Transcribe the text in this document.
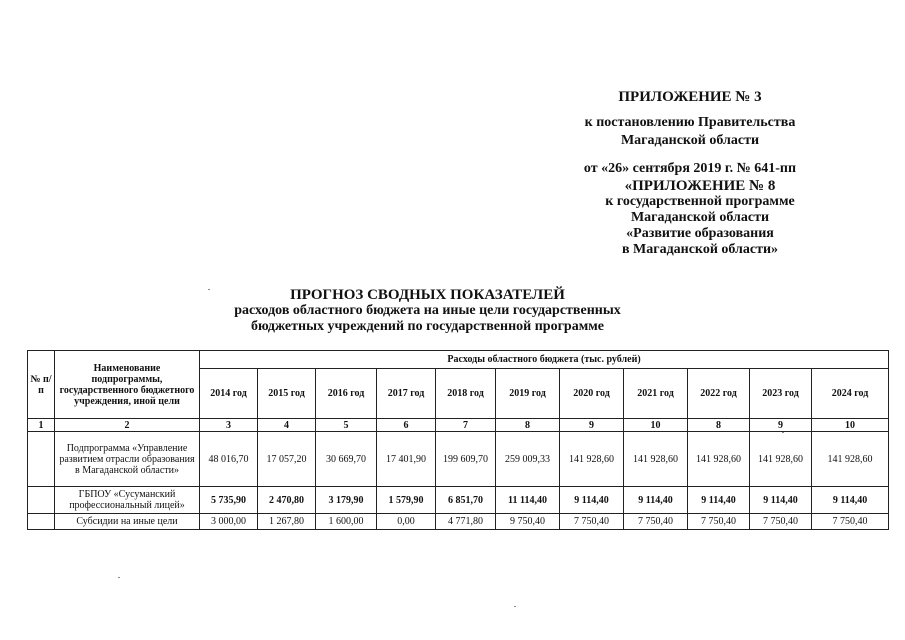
ПРИЛОЖЕНИЕ № 3
к постановлению Правительства
Магаданской области
от «26» сентября 2019 г. № 641-пп
«ПРИЛОЖЕНИЕ № 8
к государственной программе
Магаданской области
«Развитие образования
в Магаданской области»
ПРОГНОЗ СВОДНЫХ ПОКАЗАТЕЛЕЙ
расходов областного бюджета на иные цели государственных
бюджетных учреждений по государственной программе
№ п/п	Наименование подпрограммы, государственного бюджетного учреждения, иной цели	Расходы областного бюджета (тыс. рублей)										
		2014 год	2015 год	2016 год	2017 год	2018 год	2019 год	2020 год	2021 год	2022 год	2023 год	2024 год
1	2	3	4	5	6	7	8	9	10	8	9	10
	Подпрограмма «Управление развитием отрасли образования в Магаданской области»	48 016,70	17 057,20	30 669,70	17 401,90	199 609,70	259 009,33	141 928,60	141 928,60	141 928,60	141 928,60	141 928,60
	ГБПОУ «Сусуманский профессиональный лицей»	5 735,90	2 470,80	3 179,90	1 579,90	6 851,70	11 114,40	9 114,40	9 114,40	9 114,40	9 114,40	9 114,40
	Субсидии на иные цели	3 000,00	1 267,80	1 600,00	0,00	4 771,80	9 750,40	7 750,40	7 750,40	7 750,40	7 750,40	7 750,40
